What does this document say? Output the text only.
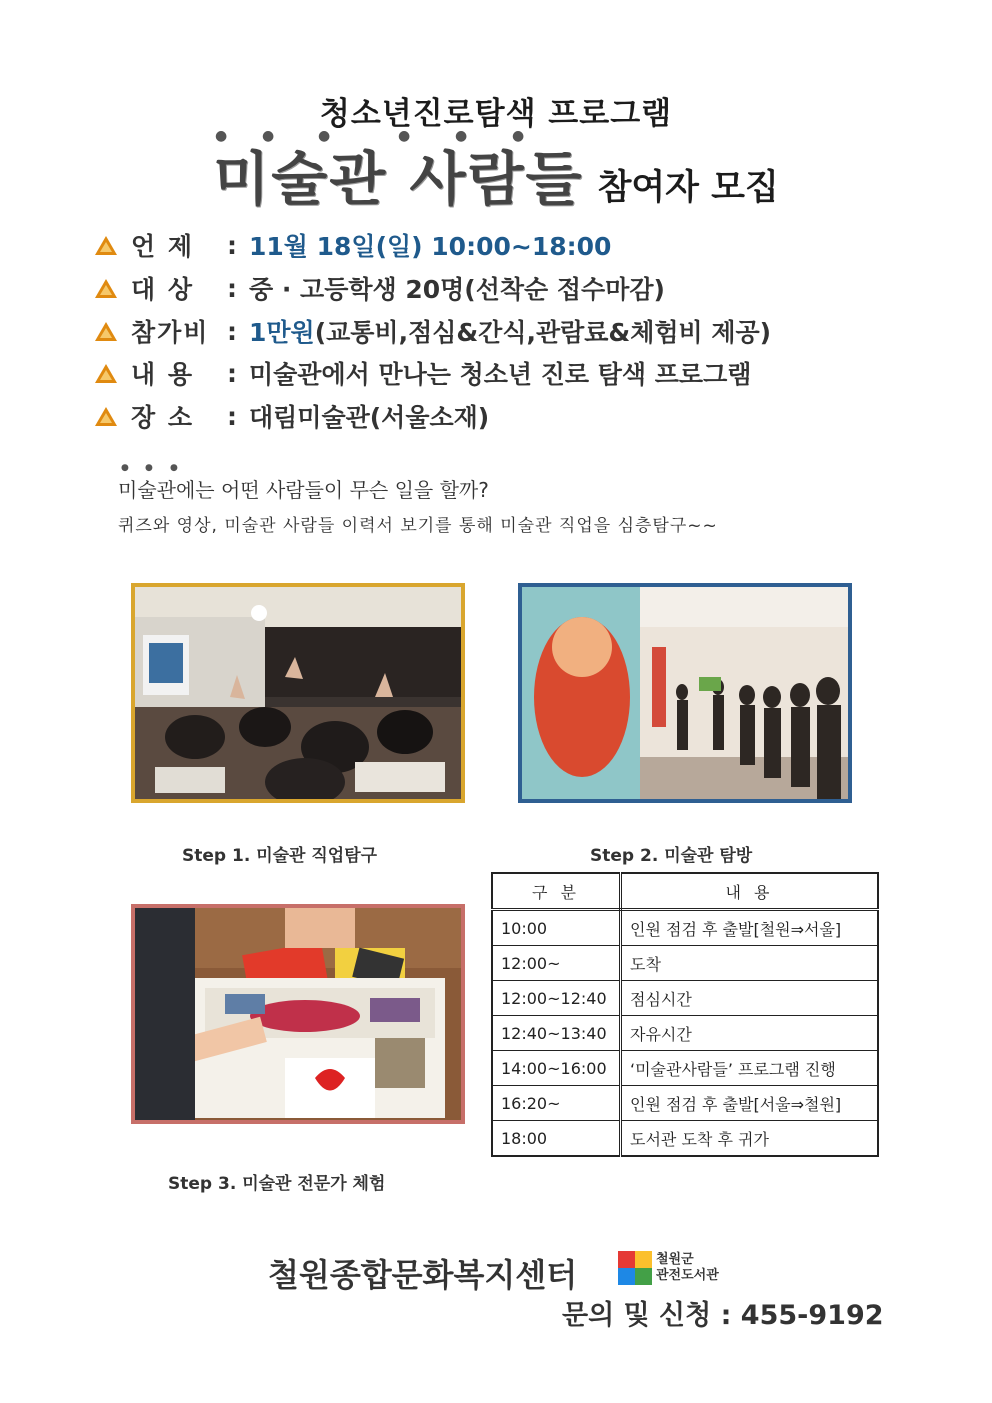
청소년진로탐색 프로그램
● ●	●	●	●	●
미술관 사람들 참여자 모집
언 제	: 11월 18일(일) 10:00~18:00
대 상	: 중 · 고등학생 20명(선착순 접수마감)
참가비 : 1만원 (교통비,점심&간식,관람료&체험비 제공)
내 용	: 미술관에서 만나는 청소년 진로 탐색 프로그램
장 소	: 대림미술관(서울소재)
● ● ●
미술관에는 어떤 사람들이 무슨 일을 할까?
퀴즈와 영상, 미술관 사람들 이력서 보기를 통해 미술관 직업을 심층탐구~~
Step 1. 미술관 직업탐구	Step 2. 미술관 탐방
Step 3. 미술관 전문가 체험
구 분	내 용
10:00	인원 점검 후 출발[철원⇒서울]
12:00~	도착
12:00~12:40	점심시간
12:40~13:40	자유시간
14:00~16:00	‘미술관사람들’ 프로그램 진행
16:20~	인원 점검 후 출발[서울⇒철원]
18:00	도서관 도착 후 귀가
철원종합문화복지센터	철원군
관전도서관
문의 및 신청 : 455-9192
